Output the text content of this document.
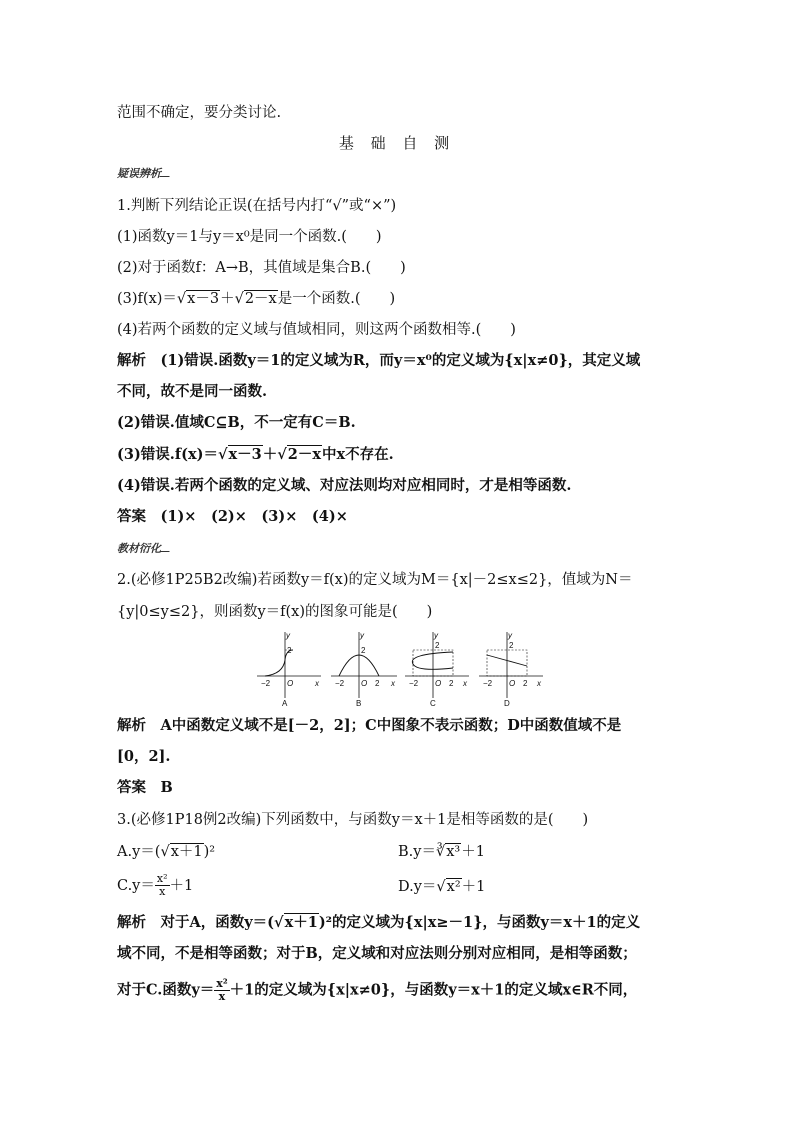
范围不确定，要分类讨论.
基 础 自 测
疑误辨析
1.判断下列结论正误(在括号内打“√”或“×”)
(1)函数y＝1与y＝x⁰是同一个函数.(　　)
(2)对于函数f：A→B，其值域是集合B.(　　)
(3)f(x)＝√x－3＋√2－x是一个函数.(　　)
(4)若两个函数的定义域与值域相同，则这两个函数相等.(　　)
解析　(1)错误.函数y＝1的定义域为R，而y＝x⁰的定义域为{x|x≠0}，其定义域
不同，故不是同一函数.
(2)错误.值域C⊆B，不一定有C＝B.
(3)错误.f(x)＝√x－3＋√2－x中x不存在.
(4)错误.若两个函数的定义域、对应法则均对应相同时，才是相等函数.
答案　(1)×　(2)×　(3)×　(4)×
教材衍化
2.(必修1P25B2改编)若函数y＝f(x)的定义域为M＝{x|－2≤x≤2}，值域为N＝
{y|0≤y≤2}，则函数y＝f(x)的图象可能是(　　)
y
x
2
−2 O
A
y
x
2
−2 O 2
B
y
x
2
−2 O 2
C
y
x
2
−2 O 2
D
解析　A中函数定义域不是[－2，2]；C中图象不表示函数；D中函数值域不是
[0，2].
答案　B
3.(必修1P18例2改编)下列函数中，与函数y＝x＋1是相等函数的是(　　)
A.y＝(√x＋1)²	B.y＝∛x³＋1
$C.y= \frac{\text{x²}}{x} +1$	D.y＝√x²＋1
解析　对于A，函数y＝(√x＋1)²的定义域为{x|x≥－1}，与函数y＝x＋1的定义
域不同，不是相等函数；对于B，定义域和对应法则分别对应相同，是相等函数；
对于C.函数$y= \frac{\text{x²}}{x} +1$的定义域为{x|x≠0}，与函数y＝x＋1的定义域x∈R不同，
